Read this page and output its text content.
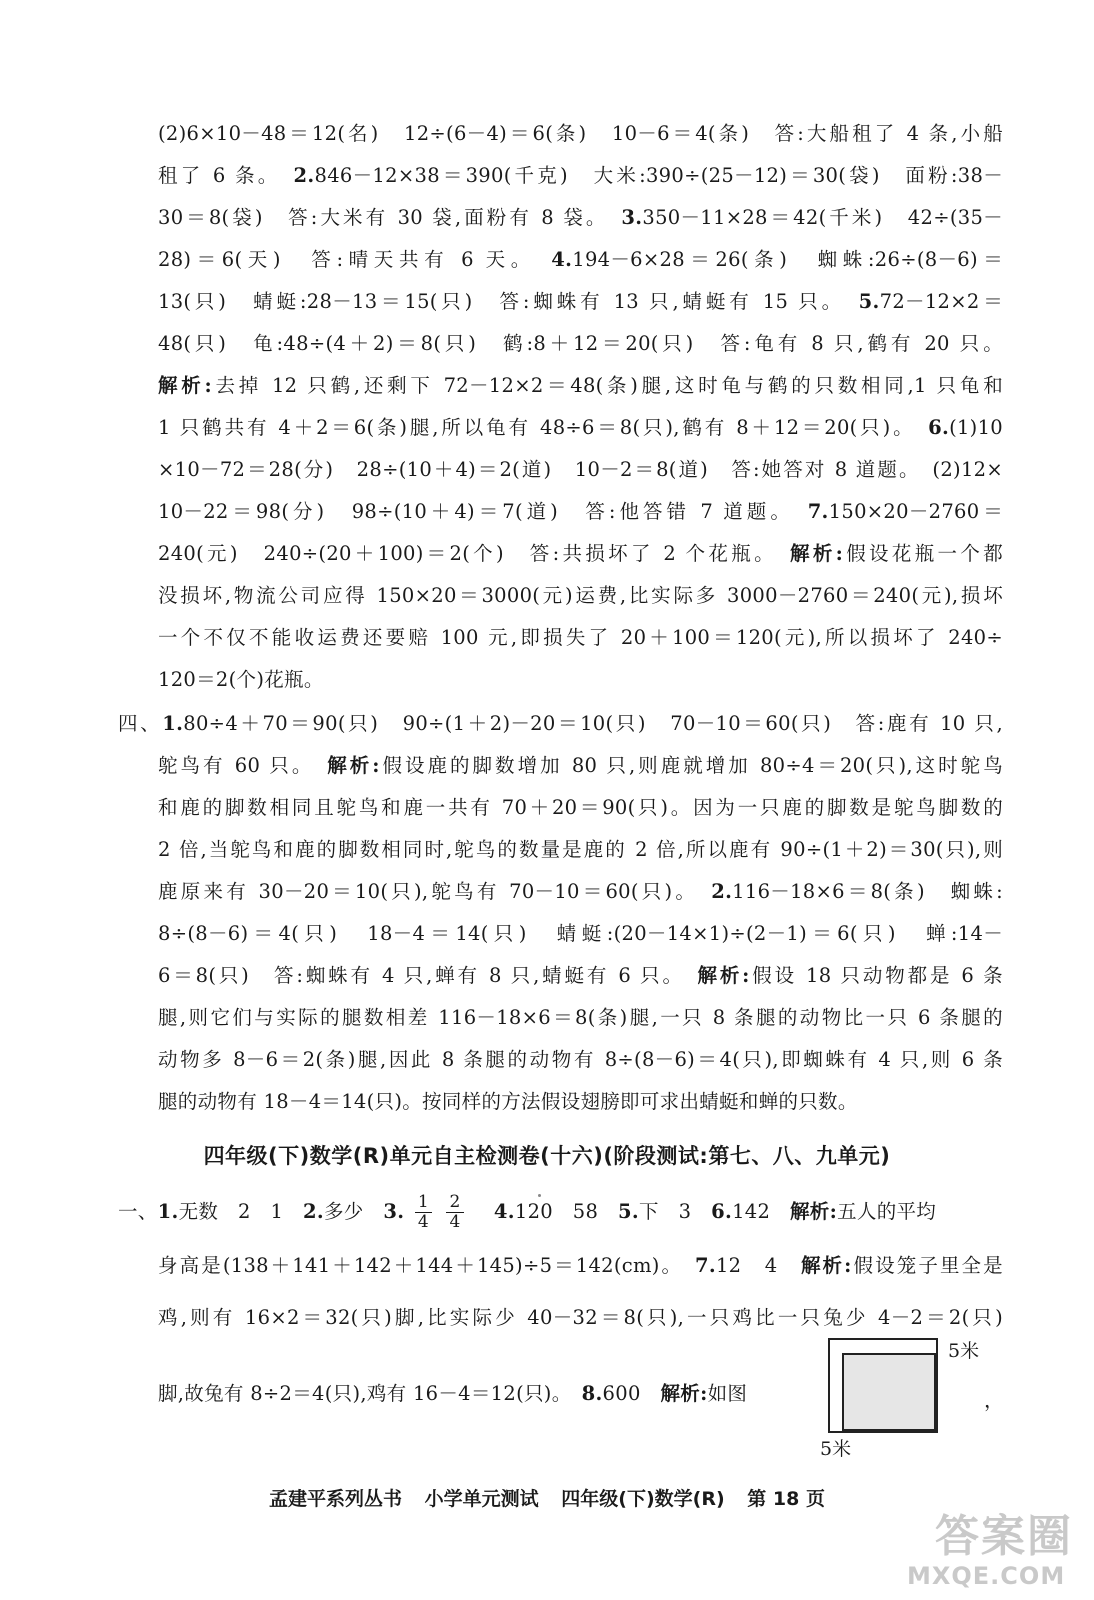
(2)6×10－48＝12(名)　12÷(6－4)＝6(条)　10－6＝4(条)　答:大船租了 4 条,小船
租了 6 条。　2.846－12×38＝390(千克)　大米:390÷(25－12)＝30(袋)　面粉:38－
30＝8(袋)　答:大米有 30 袋,面粉有 8 袋。　3.350－11×28＝42(千米)　42÷(35－
28)＝6(天)　答:晴天共有 6 天。　4.194－6×28＝26(条)　蜘蛛:26÷(8－6)＝
13(只)　蜻蜓:28－13＝15(只)　答:蜘蛛有 13 只,蜻蜓有 15 只。　5.72－12×2＝
48(只)　龟:48÷(4＋2)＝8(只)　鹤:8＋12＝20(只)　答:龟有 8 只,鹤有 20 只。
解析:去掉 12 只鹤,还剩下 72－12×2＝48(条)腿,这时龟与鹤的只数相同,1 只龟和
1 只鹤共有 4＋2＝6(条)腿,所以龟有 48÷6＝8(只),鹤有 8＋12＝20(只)。　6.(1)10
×10－72＝28(分)　28÷(10＋4)＝2(道)　10－2＝8(道)　答:她答对 8 道题。　(2)12×
10－22＝98(分)　98÷(10＋4)＝7(道)　答:他答错 7 道题。　7.150×20－2760＝
240(元)　240÷(20＋100)＝2(个)　答:共损坏了 2 个花瓶。　解析:假设花瓶一个都
没损坏,物流公司应得 150×20＝3000(元)运费,比实际多 3000－2760＝240(元),损坏
一个不仅不能收运费还要赔 100 元,即损失了 20＋100＝120(元),所以损坏了 240÷
120＝2(个)花瓶。
四、1.80÷4＋70＝90(只)　90÷(1＋2)－20＝10(只)　70－10＝60(只)　答:鹿有 10 只,
鸵鸟有 60 只。　解析:假设鹿的脚数增加 80 只,则鹿就增加 80÷4＝20(只),这时鸵鸟
和鹿的脚数相同且鸵鸟和鹿一共有 70＋20＝90(只)。因为一只鹿的脚数是鸵鸟脚数的
2 倍,当鸵鸟和鹿的脚数相同时,鸵鸟的数量是鹿的 2 倍,所以鹿有 90÷(1＋2)＝30(只),则
鹿原来有 30－20＝10(只),鸵鸟有 70－10＝60(只)。　2.116－18×6＝8(条)　蜘蛛:
8÷(8－6)＝4(只)　18－4＝14(只)　蜻蜓:(20－14×1)÷(2－1)＝6(只)　蝉:14－
6＝8(只)　答:蜘蛛有 4 只,蝉有 8 只,蜻蜓有 6 只。　解析:假设 18 只动物都是 6 条
腿,则它们与实际的腿数相差 116－18×6＝8(条)腿,一只 8 条腿的动物比一只 6 条腿的
动物多 8－6＝2(条)腿,因此 8 条腿的动物有 8÷(8－6)＝4(只),即蜘蛛有 4 只,则 6 条
腿的动物有 18－4＝14(只)。按同样的方法假设翅膀即可求出蜻蜓和蝉的只数。
四年级(下)数学(R)单元自主检测卷(十六)(阶段测试:第七、八、九单元)
一、1.无数　2　1　2.多少　3. $\frac{1}{4}$
$\frac{2}{4}$
　 4.120　58　5.下　3　6.142　解析:五人的平均
身高是(138＋141＋142＋144＋145)÷5＝142(cm)。　7.12　4　解析:假设笼子里全是
鸡,则有 16×2＝32(只)脚,比实际少 40－32＝8(只),一只鸡比一只兔少 4－2＝2(只)
脚,故兔有 8÷2＝4(只),鸡有 16－4＝12(只)。　8.600　解析:如图	，
5米
5米
孟建平系列丛书 小学单元测试 四年级(下)数学(R) 第 18 页
答案圈
MXQE.COM
